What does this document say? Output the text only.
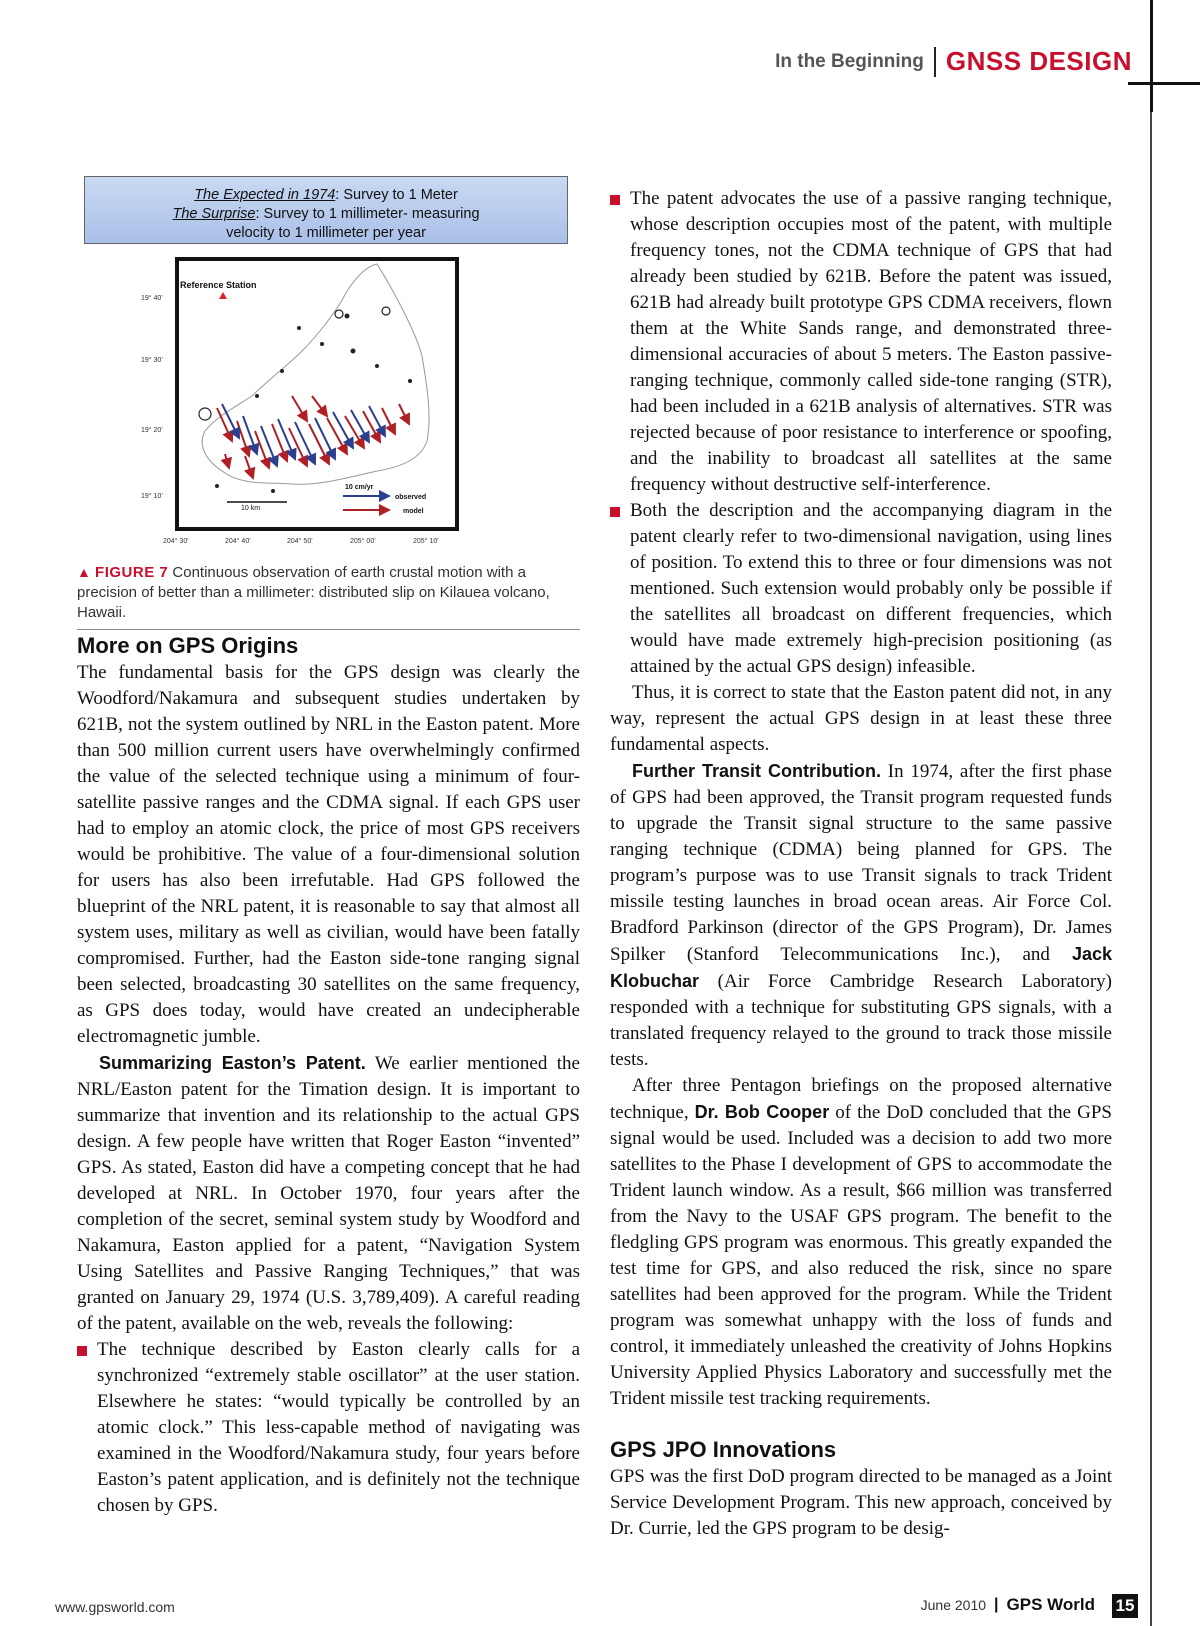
In the Beginning GNSS DESIGN
The Expected in 1974: Survey to 1 Meter
The Surprise: Survey to 1 millimeter- measuring
velocity to 1 millimeter per year
Reference Station
19° 40'
19° 30'
19° 20'
19° 10'
204° 30'	204° 40'	204° 50'	205° 00'	205° 10'
10 km
10 cm/yr
observed
model
▲ FIGURE 7 Continuous observation of earth crustal motion with a precision of better than a millimeter: distributed slip on Kilauea volcano, Hawaii.
More on GPS Origins

The fundamental basis for the GPS design was clearly the Woodford/Nakamura and subsequent studies undertaken by 621B, not the system outlined by NRL in the Easton patent. More than 500 million current users have overwhelmingly confirmed the value of the selected technique using a minimum of four-satellite passive ranges and the CDMA signal. If each GPS user had to employ an atomic clock, the price of most GPS receivers would be prohibitive. The value of a four-dimensional solution for users has also been irrefutable. Had GPS followed the blueprint of the NRL patent, it is reasonable to say that almost all system uses, military as well as civilian, would have been fatally compromised. Further, had the Easton side-tone ranging signal been selected, broadcasting 30 satellites on the same frequency, as GPS does today, would have created an undecipherable electromagnetic jumble.

Summarizing Easton’s Patent. We earlier mentioned the NRL/Easton patent for the Timation design. It is important to summarize that invention and its relationship to the actual GPS design. A few people have written that Roger Easton “invented” GPS. As stated, Easton did have a competing concept that he had developed at NRL. In October 1970, four years after the completion of the secret, seminal system study by Woodford and Nakamura, Easton applied for a patent, “Navigation System Using Satellites and Passive Ranging Techniques,” that was granted on January 29, 1974 (U.S. 3,789,409). A careful reading of the patent, available on the web, reveals the following:

The technique described by Easton clearly calls for a synchronized “extremely stable oscillator” at the user station. Elsewhere he states: “would typically be controlled by an atomic clock.” This less-capable method of navigating was examined in the Woodford/Nakamura study, four years before Easton’s patent application, and is definitely not the technique chosen by GPS.
The patent advocates the use of a passive ranging technique, whose description occupies most of the patent, with multiple frequency tones, not the CDMA technique of GPS that had already been studied by 621B. Before the patent was issued, 621B had already built prototype GPS CDMA receivers, flown them at the White Sands range, and demonstrated three-dimensional accuracies of about 5 meters. The Easton passive-ranging technique, commonly called side-tone ranging (STR), had been included in a 621B analysis of alternatives. STR was rejected because of poor resistance to interference or spoofing, and the inability to broadcast all satellites at the same frequency without destructive self-interference.
Both the description and the accompanying diagram in the patent clearly refer to two-dimensional navigation, using lines of position. To extend this to three or four dimensions was not mentioned. Such extension would probably only be possible if the satellites all broadcast on different frequencies, which would have made extremely high-precision positioning (as attained by the actual GPS design) infeasible.

Thus, it is correct to state that the Easton patent did not, in any way, represent the actual GPS design in at least these three fundamental aspects.

Further Transit Contribution. In 1974, after the first phase of GPS had been approved, the Transit program requested funds to upgrade the Transit signal structure to the same passive ranging technique (CDMA) being planned for GPS. The program’s purpose was to use Transit signals to track Trident missile testing launches in broad ocean areas. Air Force Col. Bradford Parkinson (director of the GPS Program), Dr. James Spilker (Stanford Telecommunications Inc.), and Jack Klobuchar (Air Force Cambridge Research Laboratory) responded with a technique for substituting GPS signals, with a translated frequency relayed to the ground to track those missile tests.

After three Pentagon briefings on the proposed alternative technique, Dr. Bob Cooper of the DoD concluded that the GPS signal would be used. Included was a decision to add two more satellites to the Phase I development of GPS to accommodate the Trident launch window. As a result, $66 million was transferred from the Navy to the USAF GPS program. The benefit to the fledgling GPS program was enormous. This greatly expanded the test time for GPS, and also reduced the risk, since no spare satellites had been approved for the program. While the Trident program was somewhat unhappy with the loss of funds and control, it immediately unleashed the creativity of Johns Hopkins University Applied Physics Laboratory and successfully met the Trident missile test tracking requirements.

GPS JPO Innovations

GPS was the first DoD program directed to be managed as a Joint Service Development Program. This new approach, conceived by Dr. Currie, led the GPS program to be desig-

www.gpsworld.com	June 2010 | GPS World 15
